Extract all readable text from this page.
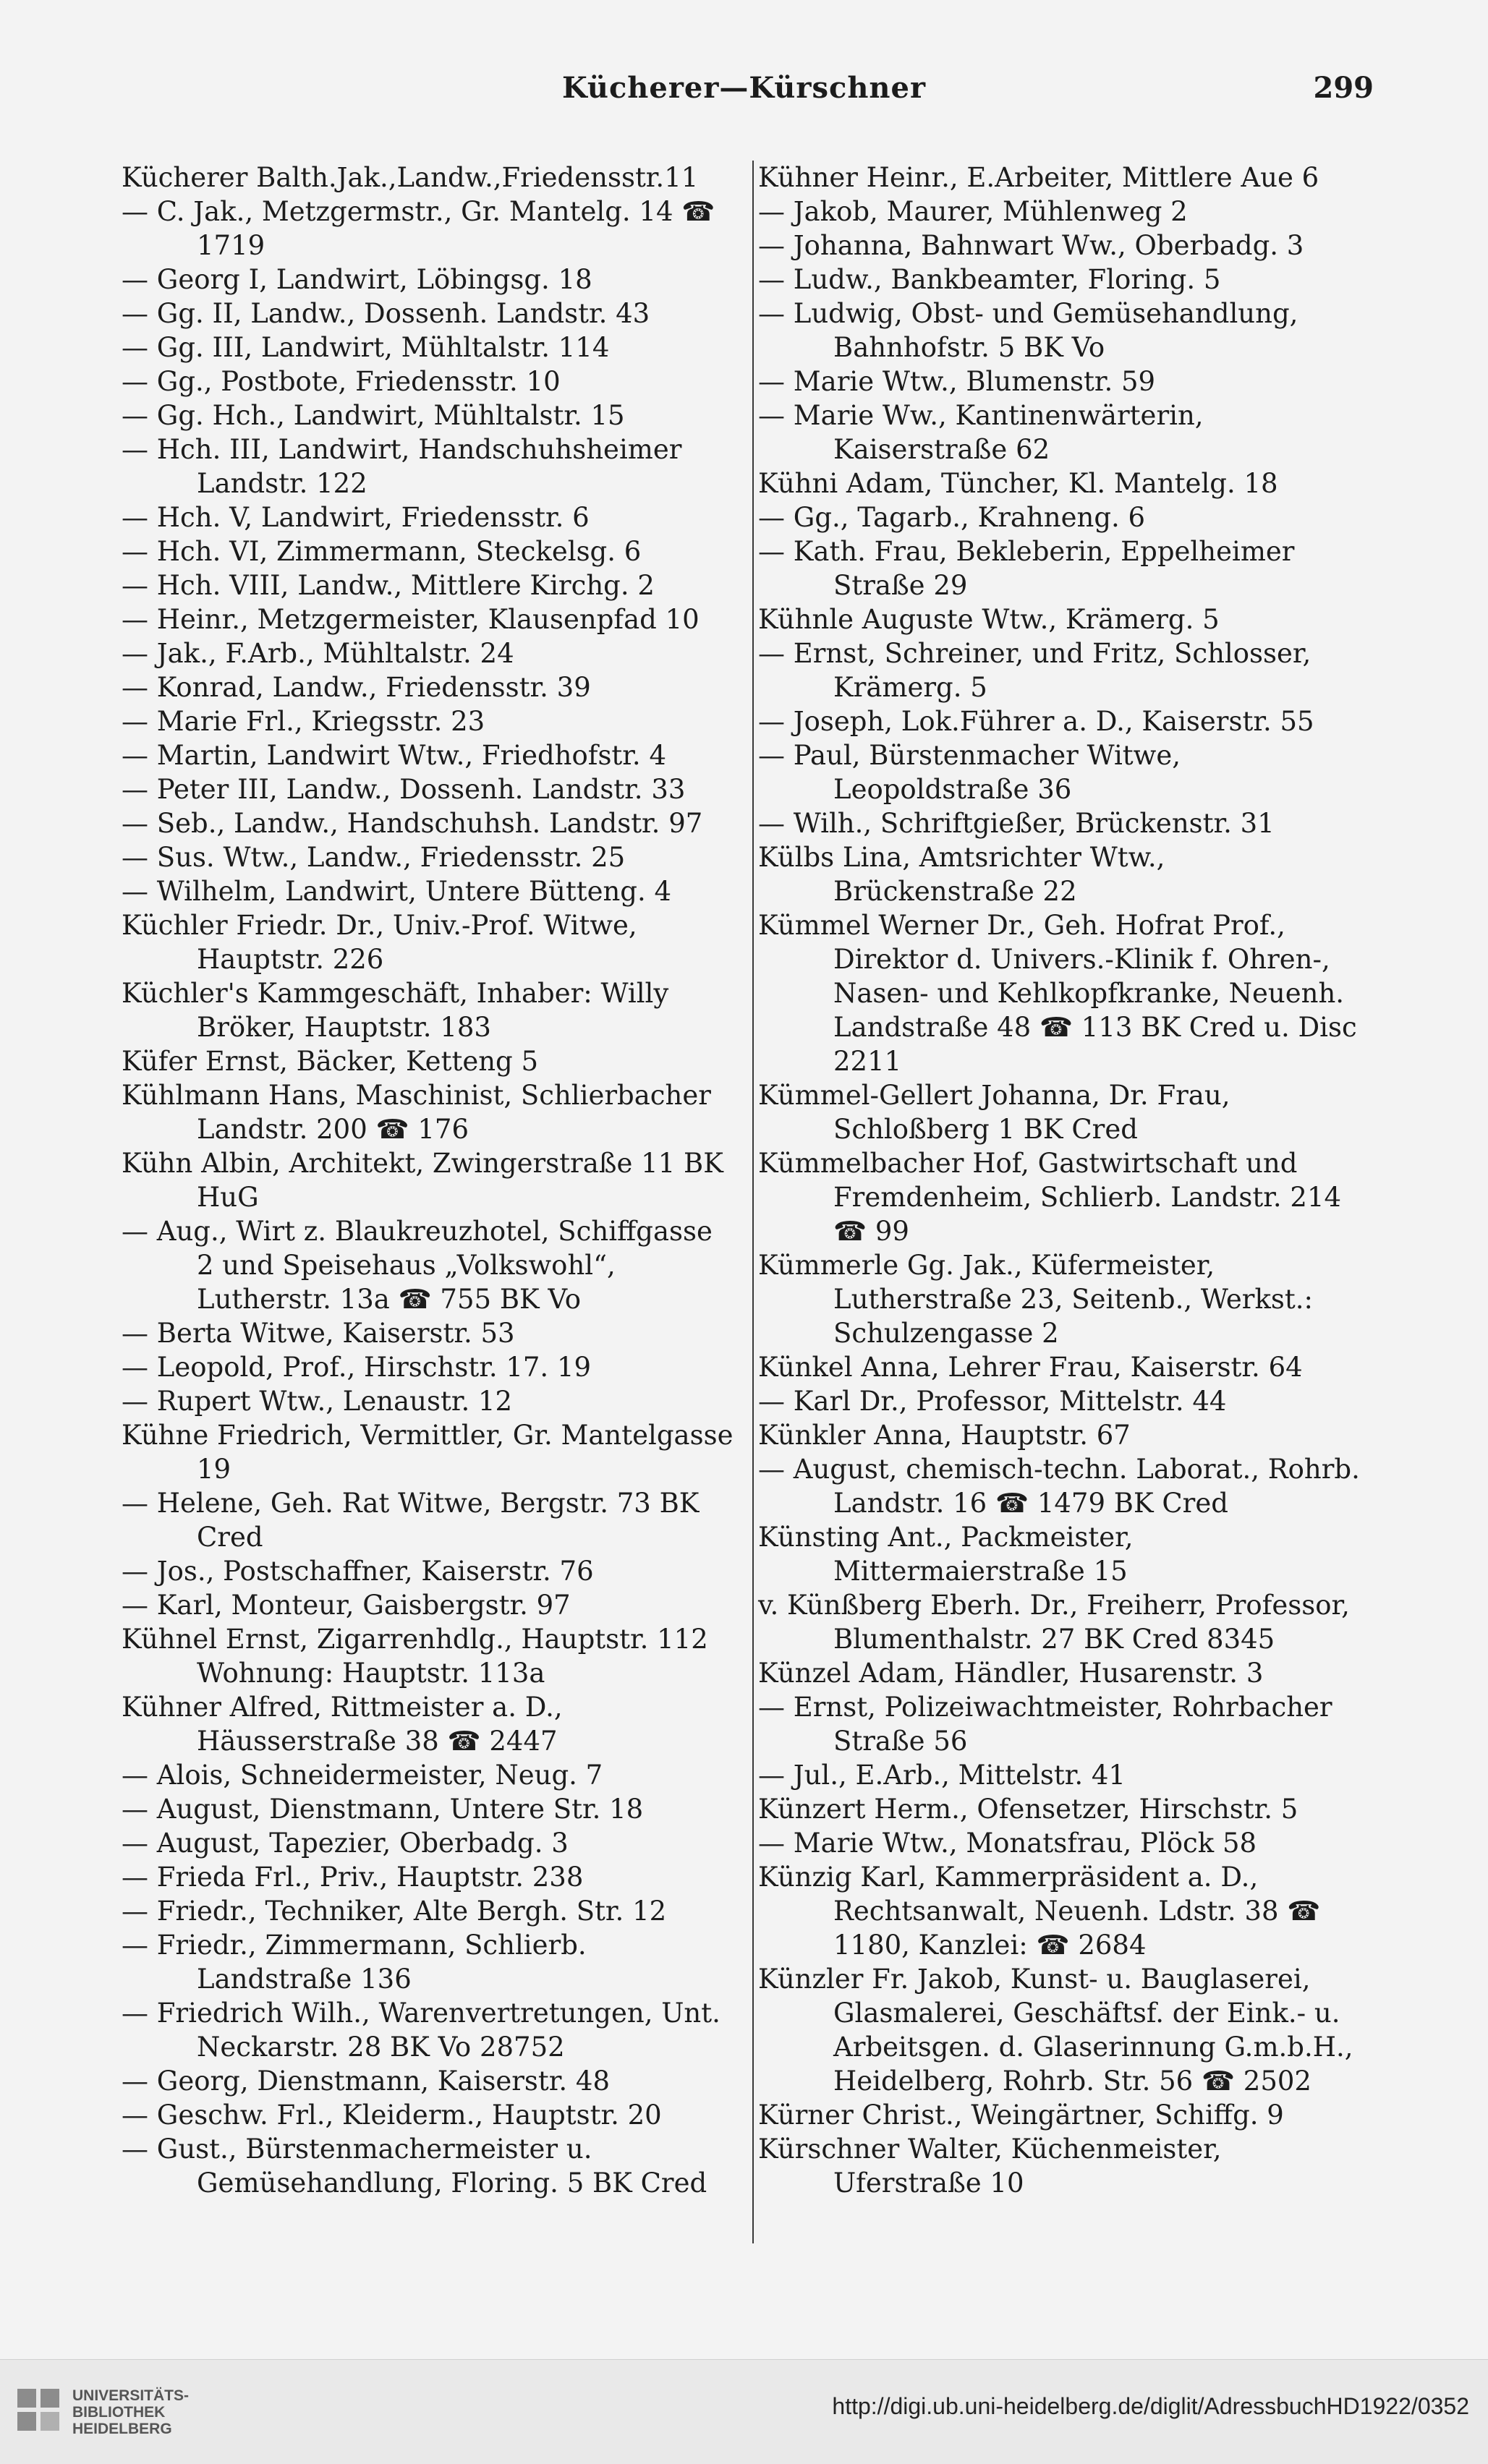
Kücherer—Kürschner	299

Kücherer Balth.Jak.,Landw.,Friedensstr.11

— C. Jak., Metzgermstr., Gr. Mantelg. 14 ☎ 1719

— Georg I, Landwirt, Löbingsg. 18

— Gg. II, Landw., Dossenh. Landstr. 43

— Gg. III, Landwirt, Mühltalstr. 114

— Gg., Postbote, Friedensstr. 10

— Gg. Hch., Landwirt, Mühltalstr. 15

— Hch. III, Landwirt, Handschuhsheimer Landstr. 122

— Hch. V, Landwirt, Friedensstr. 6

— Hch. VI, Zimmermann, Steckelsg. 6

— Hch. VIII, Landw., Mittlere Kirchg. 2

— Heinr., Metzgermeister, Klausenpfad 10

— Jak., F.Arb., Mühltalstr. 24

— Konrad, Landw., Friedensstr. 39

— Marie Frl., Kriegsstr. 23

— Martin, Landwirt Wtw., Friedhofstr. 4

— Peter III, Landw., Dossenh. Landstr. 33

— Seb., Landw., Handschuhsh. Landstr. 97

— Sus. Wtw., Landw., Friedensstr. 25

— Wilhelm, Landwirt, Untere Bütteng. 4

Küchler Friedr. Dr., Univ.-Prof. Witwe, Hauptstr. 226

Küchler's Kammgeschäft, Inhaber: Willy Bröker, Hauptstr. 183

Küfer Ernst, Bäcker, Ketteng 5

Kühlmann Hans, Maschinist, Schlierbacher Landstr. 200 ☎ 176

Kühn Albin, Architekt, Zwingerstraße 11 BK HuG

— Aug., Wirt z. Blaukreuzhotel, Schiffgasse 2 und Speisehaus „Volkswohl“, Lutherstr. 13a ☎ 755 BK Vo

— Berta Witwe, Kaiserstr. 53

— Leopold, Prof., Hirschstr. 17. 19

— Rupert Wtw., Lenaustr. 12

Kühne Friedrich, Vermittler, Gr. Mantelgasse 19

— Helene, Geh. Rat Witwe, Bergstr. 73 BK Cred

— Jos., Postschaffner, Kaiserstr. 76

— Karl, Monteur, Gaisbergstr. 97

Kühnel Ernst, Zigarrenhdlg., Hauptstr. 112 Wohnung: Hauptstr. 113a

Kühner Alfred, Rittmeister a. D., Häusserstraße 38 ☎ 2447

— Alois, Schneidermeister, Neug. 7

— August, Dienstmann, Untere Str. 18

— August, Tapezier, Oberbadg. 3

— Frieda Frl., Priv., Hauptstr. 238

— Friedr., Techniker, Alte Bergh. Str. 12

— Friedr., Zimmermann, Schlierb. Landstraße 136

— Friedrich Wilh., Warenvertretungen, Unt. Neckarstr. 28 BK Vo 28752

— Georg, Dienstmann, Kaiserstr. 48

— Geschw. Frl., Kleiderm., Hauptstr. 20

— Gust., Bürstenmachermeister u. Gemüsehandlung, Floring. 5 BK Cred

Kühner Heinr., E.Arbeiter, Mittlere Aue 6

— Jakob, Maurer, Mühlenweg 2

— Johanna, Bahnwart Ww., Oberbadg. 3

— Ludw., Bankbeamter, Floring. 5

— Ludwig, Obst- und Gemüsehandlung, Bahnhofstr. 5 BK Vo

— Marie Wtw., Blumenstr. 59

— Marie Ww., Kantinenwärterin, Kaiserstraße 62

Kühni Adam, Tüncher, Kl. Mantelg. 18

— Gg., Tagarb., Krahneng. 6

— Kath. Frau, Bekleberin, Eppelheimer Straße 29

Kühnle Auguste Wtw., Krämerg. 5

— Ernst, Schreiner, und Fritz, Schlosser, Krämerg. 5

— Joseph, Lok.Führer a. D., Kaiserstr. 55

— Paul, Bürstenmacher Witwe, Leopoldstraße 36

— Wilh., Schriftgießer, Brückenstr. 31

Külbs Lina, Amtsrichter Wtw., Brückenstraße 22

Kümmel Werner Dr., Geh. Hofrat Prof., Direktor d. Univers.-Klinik f. Ohren-, Nasen- und Kehlkopfkranke, Neuenh. Landstraße 48 ☎ 113 BK Cred u. Disc 2211

Kümmel-Gellert Johanna, Dr. Frau, Schloßberg 1 BK Cred

Kümmelbacher Hof, Gastwirtschaft und Fremdenheim, Schlierb. Landstr. 214 ☎ 99

Kümmerle Gg. Jak., Küfermeister, Lutherstraße 23, Seitenb., Werkst.: Schulzengasse 2

Künkel Anna, Lehrer Frau, Kaiserstr. 64

— Karl Dr., Professor, Mittelstr. 44

Künkler Anna, Hauptstr. 67

— August, chemisch-techn. Laborat., Rohrb. Landstr. 16 ☎ 1479 BK Cred

Künsting Ant., Packmeister, Mittermaierstraße 15

v. Künßberg Eberh. Dr., Freiherr, Professor, Blumenthalstr. 27 BK Cred 8345

Künzel Adam, Händler, Husarenstr. 3

— Ernst, Polizeiwachtmeister, Rohrbacher Straße 56

— Jul., E.Arb., Mittelstr. 41

Künzert Herm., Ofensetzer, Hirschstr. 5

— Marie Wtw., Monatsfrau, Plöck 58

Künzig Karl, Kammerpräsident a. D., Rechtsanwalt, Neuenh. Ldstr. 38 ☎ 1180, Kanzlei: ☎ 2684

Künzler Fr. Jakob, Kunst- u. Bauglaserei, Glasmalerei, Geschäftsf. der Eink.- u. Arbeitsgen. d. Glaserinnung G.m.b.H., Heidelberg, Rohrb. Str. 56 ☎ 2502

Kürner Christ., Weingärtner, Schiffg. 9

Kürschner Walter, Küchenmeister, Uferstraße 10

UNIVERSITÄTS-
BIBLIOTHEK
HEIDELBERG
http://digi.ub.uni-heidelberg.de/diglit/AdressbuchHD1922/0352
